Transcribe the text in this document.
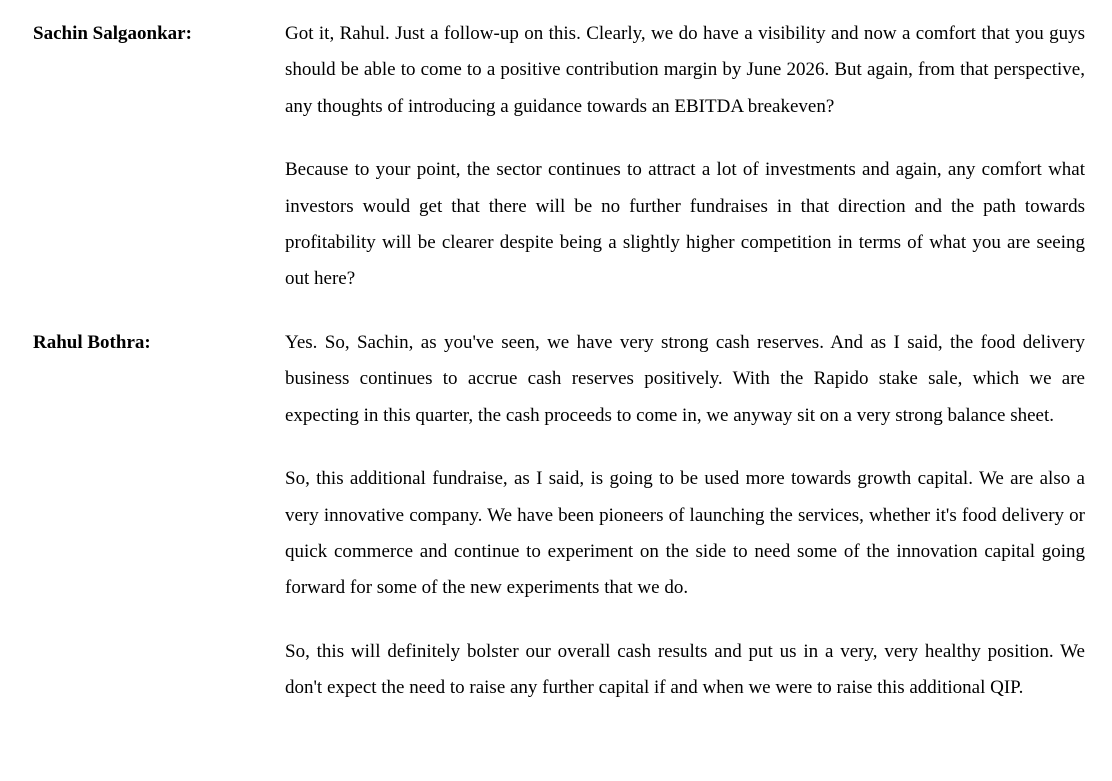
Sachin Salgaonkar:	Got it, Rahul. Just a follow-up on this. Clearly, we do have a visibility and now a comfort that you guys should be able to come to a positive contribution margin by June 2026. But again, from that perspective, any thoughts of introducing a guidance towards an EBITDA breakeven?

Because to your point, the sector continues to attract a lot of investments and again, any comfort what investors would get that there will be no further fundraises in that direction and the path towards profitability will be clearer despite being a slightly higher competition in terms of what you are seeing out here?

Rahul Bothra:	Yes. So, Sachin, as you've seen, we have very strong cash reserves. And as I said, the food delivery business continues to accrue cash reserves positively. With the Rapido stake sale, which we are expecting in this quarter, the cash proceeds to come in, we anyway sit on a very strong balance sheet.

So, this additional fundraise, as I said, is going to be used more towards growth capital. We are also a very innovative company. We have been pioneers of launching the services, whether it's food delivery or quick commerce and continue to experiment on the side to need some of the innovation capital going forward for some of the new experiments that we do.

So, this will definitely bolster our overall cash results and put us in a very, very healthy position. We don't expect the need to raise any further capital if and when we were to raise this additional QIP.
